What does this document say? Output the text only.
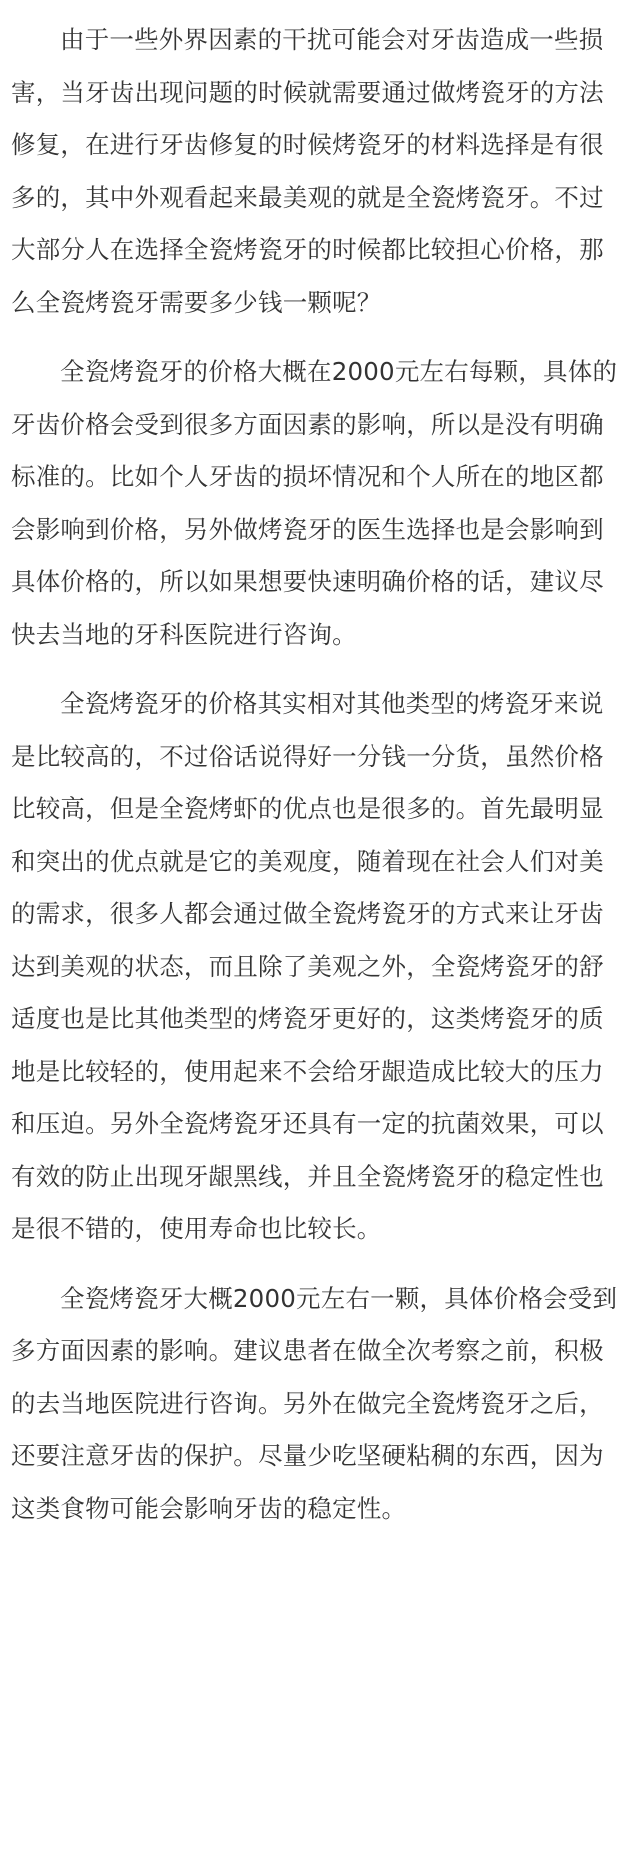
由于一些外界因素的干扰可能会对牙齿造成一些损害，当牙齿出现问题的时候就需要通过做烤瓷牙的方法修复，在进行牙齿修复的时候烤瓷牙的材料选择是有很多的，其中外观看起来最美观的就是全瓷烤瓷牙。不过大部分人在选择全瓷烤瓷牙的时候都比较担心价格，那么全瓷烤瓷牙需要多少钱一颗呢？

全瓷烤瓷牙的价格大概在2000元左右每颗，具体的牙齿价格会受到很多方面因素的影响，所以是没有明确标准的。比如个人牙齿的损坏情况和个人所在的地区都会影响到价格，另外做烤瓷牙的医生选择也是会影响到具体价格的，所以如果想要快速明确价格的话，建议尽快去当地的牙科医院进行咨询。

全瓷烤瓷牙的价格其实相对其他类型的烤瓷牙来说是比较高的，不过俗话说得好一分钱一分货，虽然价格比较高，但是全瓷烤虾的优点也是很多的。首先最明显和突出的优点就是它的美观度，随着现在社会人们对美的需求，很多人都会通过做全瓷烤瓷牙的方式来让牙齿达到美观的状态，而且除了美观之外，全瓷烤瓷牙的舒适度也是比其他类型的烤瓷牙更好的，这类烤瓷牙的质地是比较轻的，使用起来不会给牙龈造成比较大的压力和压迫。另外全瓷烤瓷牙还具有一定的抗菌效果，可以有效的防止出现牙龈黑线，并且全瓷烤瓷牙的稳定性也是很不错的，使用寿命也比较长。

全瓷烤瓷牙大概2000元左右一颗，具体价格会受到多方面因素的影响。建议患者在做全次考察之前，积极的去当地医院进行咨询。另外在做完全瓷烤瓷牙之后，还要注意牙齿的保护。尽量少吃坚硬粘稠的东西，因为这类食物可能会影响牙齿的稳定性。
